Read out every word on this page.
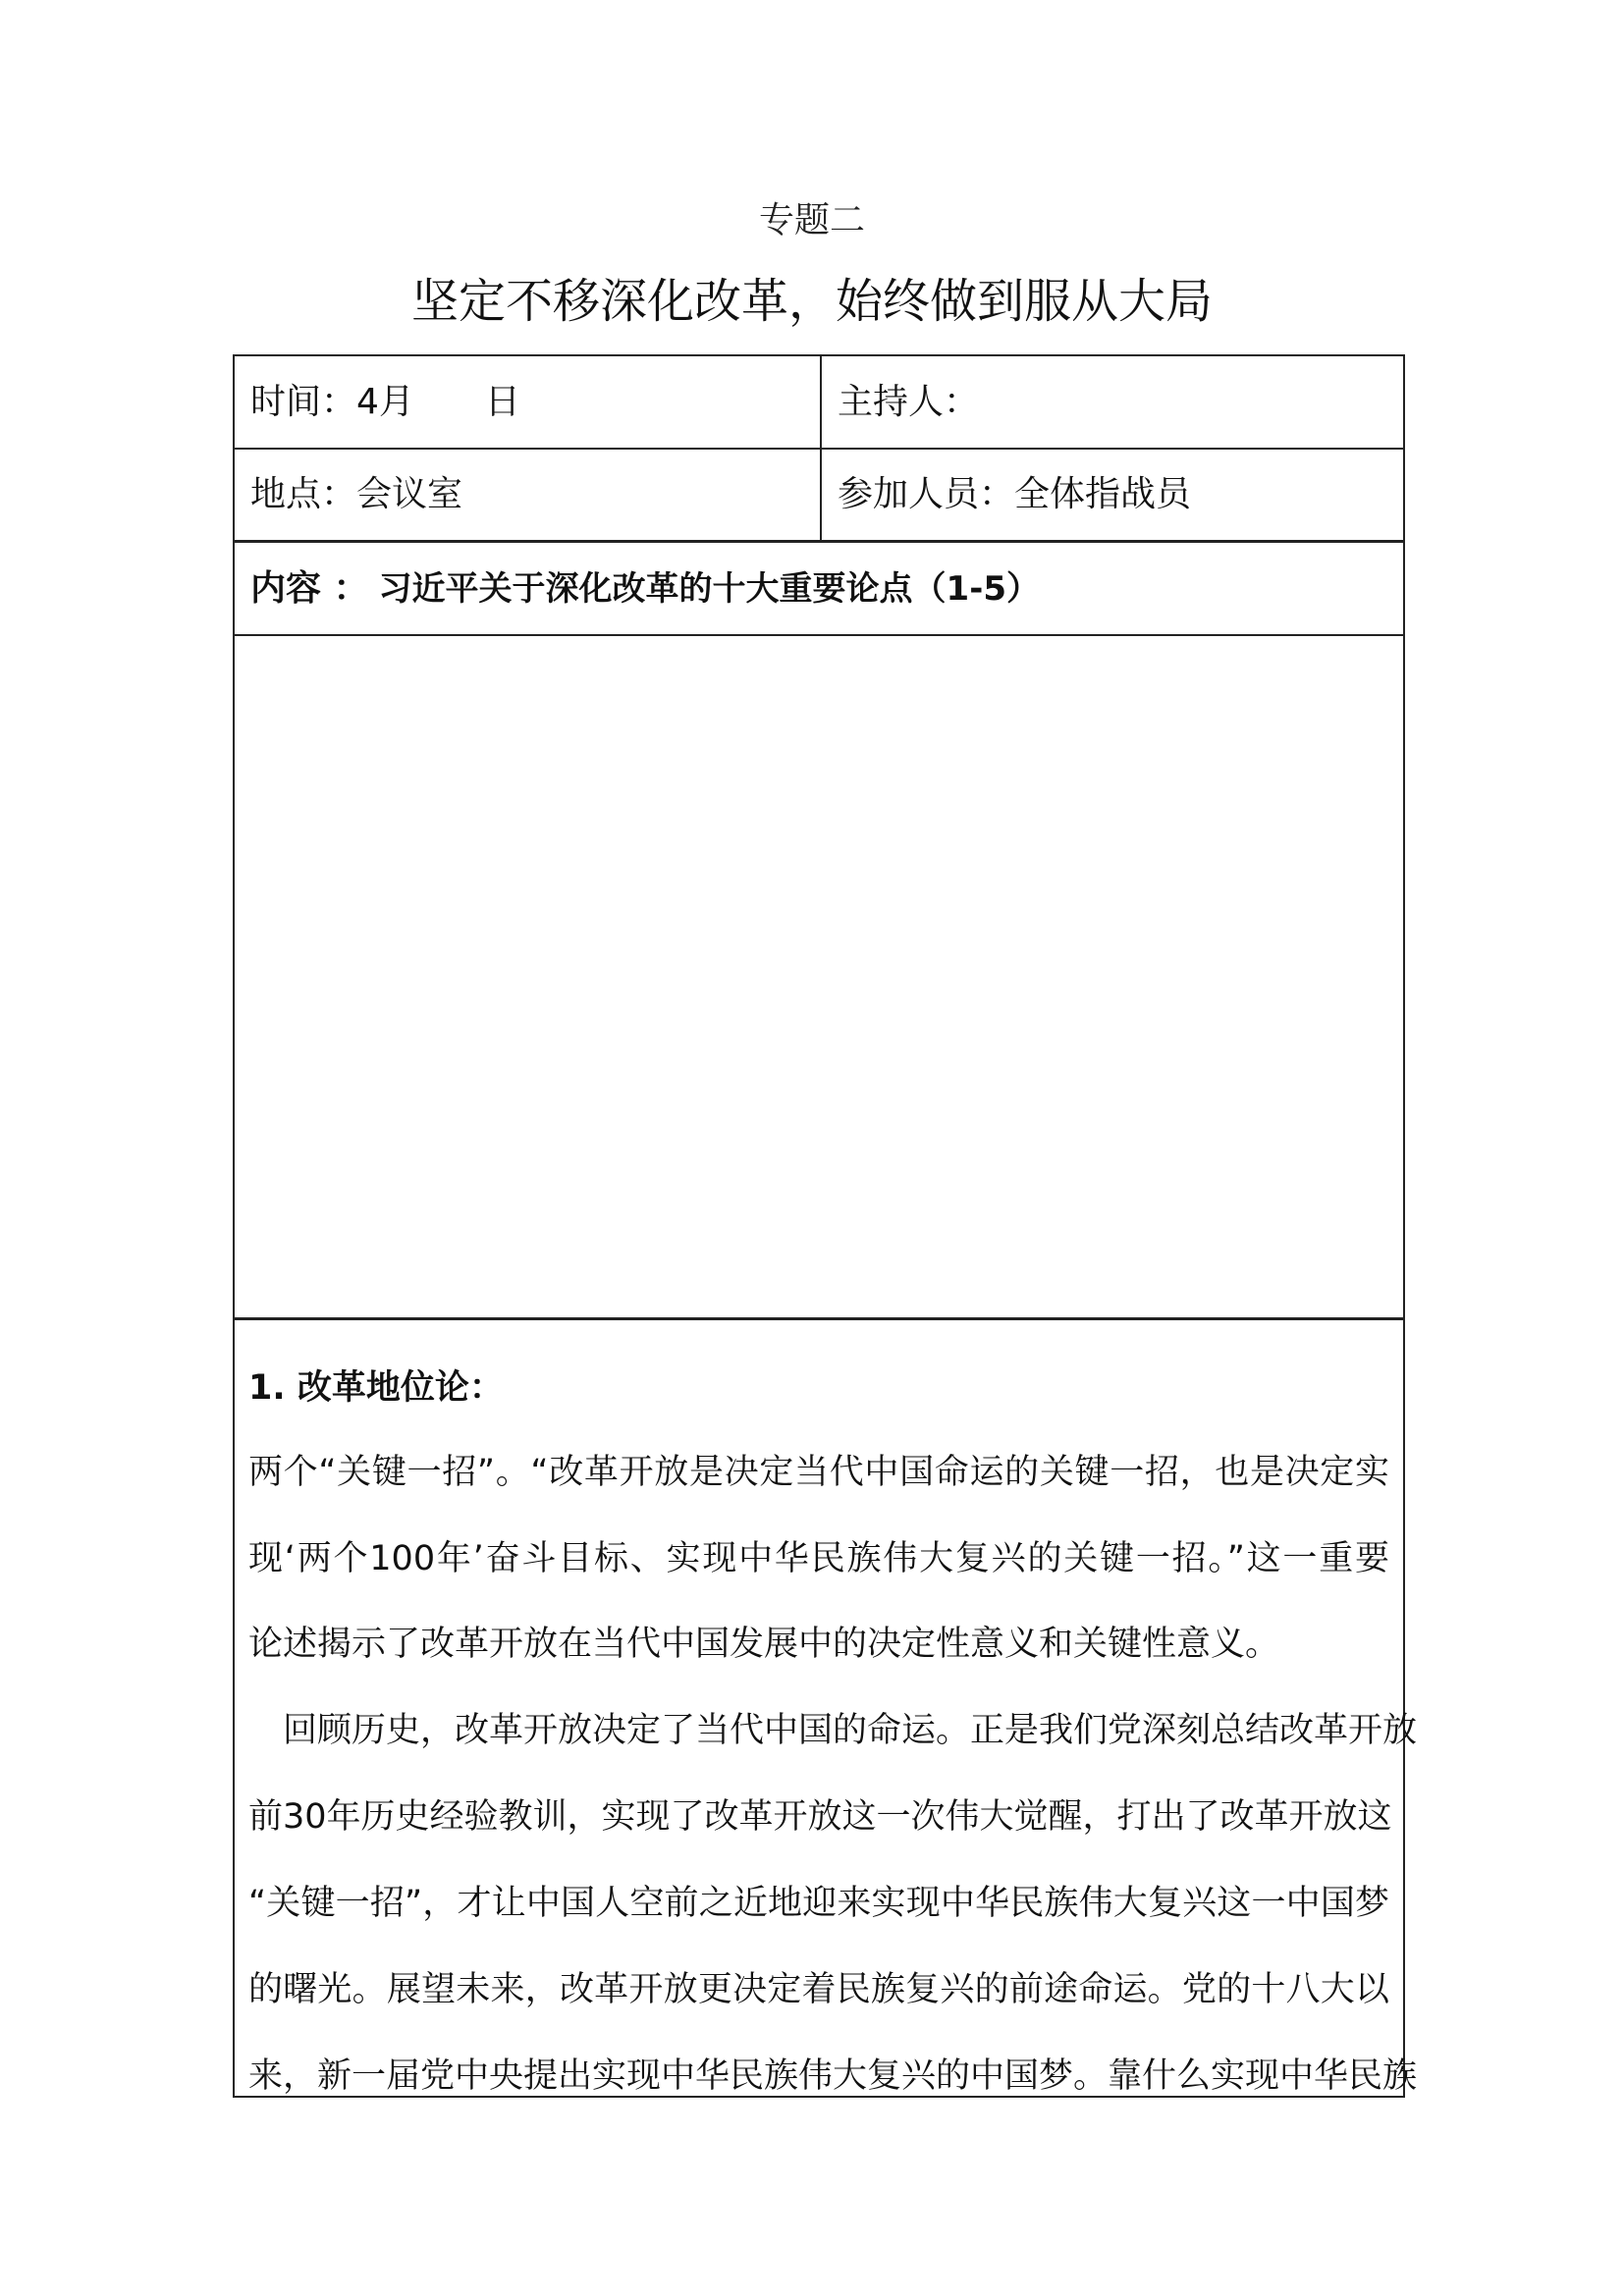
专题二
坚定不移深化改革，始终做到服从大局
时间：4月　　日	主持人：
地点：会议室	参加人员：全体指战员
内容 ： 习近平关于深化改革的十大重要论点（1-5）
1. 改革地位论：
两个“关键一招”。“改革开放是决定当代中国命运的关键一招，也是决定实
现‘两个100年’奋斗目标、实现中华民族伟大复兴的关键一招。”这一重要
论述揭示了改革开放在当代中国发展中的决定性意义和关键性意义。
　回顾历史，改革开放决定了当代中国的命运。正是我们党深刻总结改革开放
前30年历史经验教训，实现了改革开放这一次伟大觉醒，打出了改革开放这
“关键一招”，才让中国人空前之近地迎来实现中华民族伟大复兴这一中国梦
的曙光。展望未来，改革开放更决定着民族复兴的前途命运。党的十八大以
来，新一届党中央提出实现中华民族伟大复兴的中国梦。靠什么实现中华民族
